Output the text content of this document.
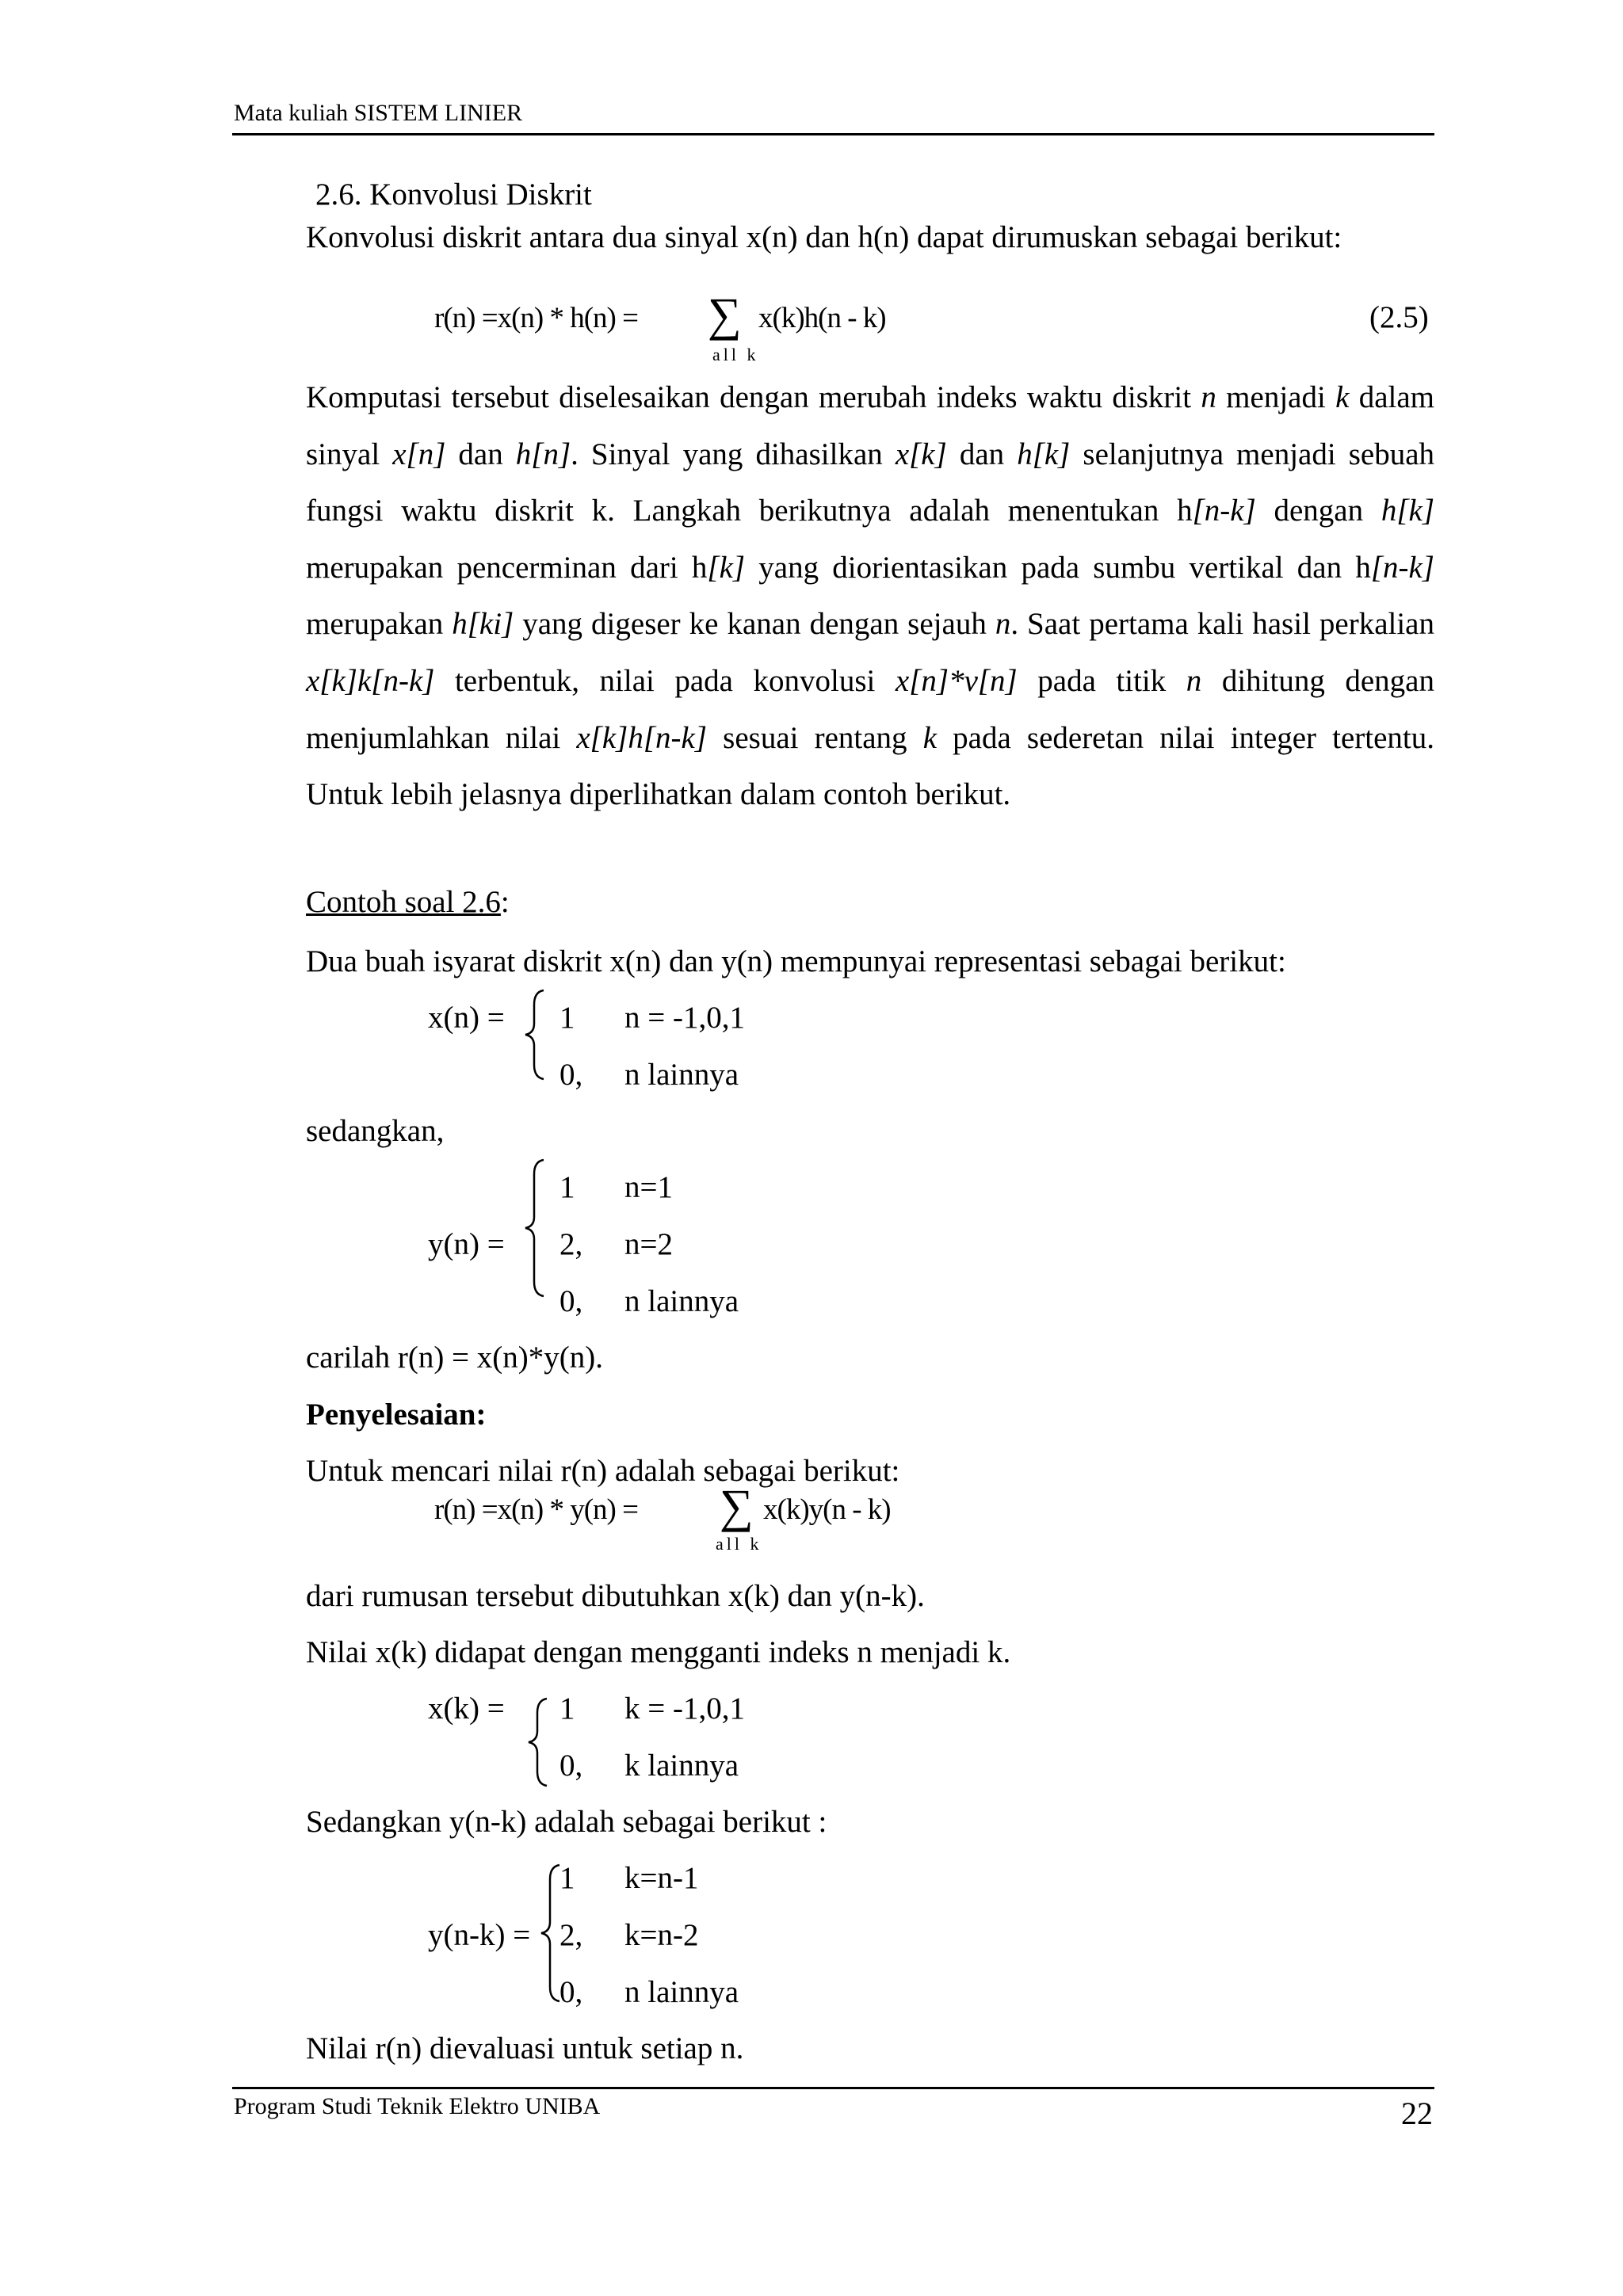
Mata kuliah SISTEM LINIER
2.6. Konvolusi Diskrit
Konvolusi diskrit antara dua sinyal x(n) dan h(n) dapat dirumuskan sebagai berikut:
r(n) =x(n) * h(n) = ∑ x(k)h(n - k)
all k
(2.5)

Komputasi tersebut diselesaikan dengan merubah indeks waktu diskrit n menjadi k dalam sinyal x[n] dan h[n]. Sinyal yang dihasilkan x[k] dan h[k] selanjutnya menjadi sebuah fungsi waktu diskrit k. Langkah berikutnya adalah menentukan h[n-k] dengan h[k] merupakan pencerminan dari h[k] yang diorientasikan pada sumbu vertikal dan h[n-k] merupakan h[ki] yang digeser ke kanan dengan sejauh n. Saat pertama kali hasil perkalian x[k]k[n-k] terbentuk, nilai pada konvolusi x[n]*v[n] pada titik n dihitung dengan menjumlahkan nilai x[k]h[n-k] sesuai rentang k pada sederetan nilai integer tertentu. Untuk lebih jelasnya diperlihatkan dalam contoh berikut.

Contoh soal 2.6:
Dua buah isyarat diskrit x(n) dan y(n) mempunyai representasi sebagai berikut:
x(n) = 1 n = -1,0,1
0, n lainnya
sedangkan,
y(n) =
1 n=1
2, n=2
0, n lainnya
carilah r(n) = x(n)*y(n).
Penyelesaian:
Untuk mencari nilai r(n) adalah sebagai berikut:
r(n) =x(n) * y(n) = ∑ x(k)y(n - k)
all k
dari rumusan tersebut dibutuhkan x(k) dan y(n-k).
Nilai x(k) didapat dengan mengganti indeks n menjadi k.
x(k) = 1 k = -1,0,1
0, k lainnya
Sedangkan y(n-k) adalah sebagai berikut :
y(n-k) =
1 k=n-1
2, k=n-2
0, n lainnya
Nilai r(n) dievaluasi untuk setiap n.
Program Studi Teknik Elektro UNIBA	22
